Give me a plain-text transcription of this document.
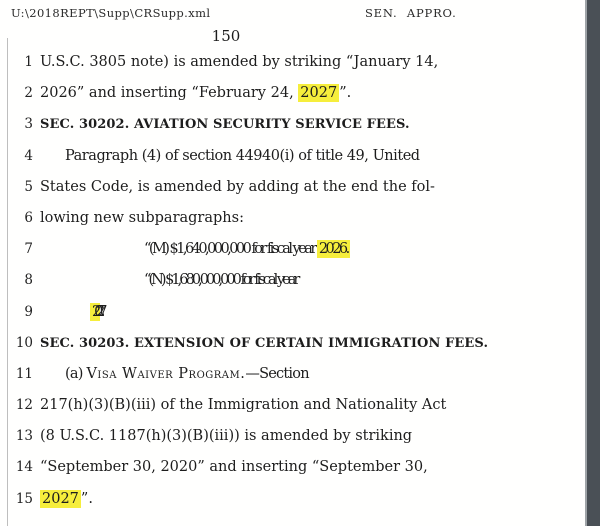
U:\2018REPT\Supp\CRSupp.xml	SEN. APPRO.
150
1 U.S.C. 3805 note) is amended by striking “January 14,
2 2026” and inserting “February 24, 2027 ”.
3 SEC. 30202. AVIATION SECURITY SERVICE FEES.
4	Paragraph (4) of section 44940(i) of title 49, United
5 States Code, is amended by adding at the end the fol-
6 lowing new subparagraphs:
7	“(M) $1,640,000,000 for fiscal year 2026.
8	“(N) $1,680,000,000 for fiscal year
9	2027.
10 SEC. 30203. EXTENSION OF CERTAIN IMMIGRATION FEES.
11	(a) Visa Waiver Program.—Section
12 217(h)(3)(B)(iii) of the Immigration and Nationality Act
13 (8 U.S.C. 1187(h)(3)(B)(iii)) is amended by striking
14 “September 30, 2020” and inserting “September 30,
15 2027 ”.
